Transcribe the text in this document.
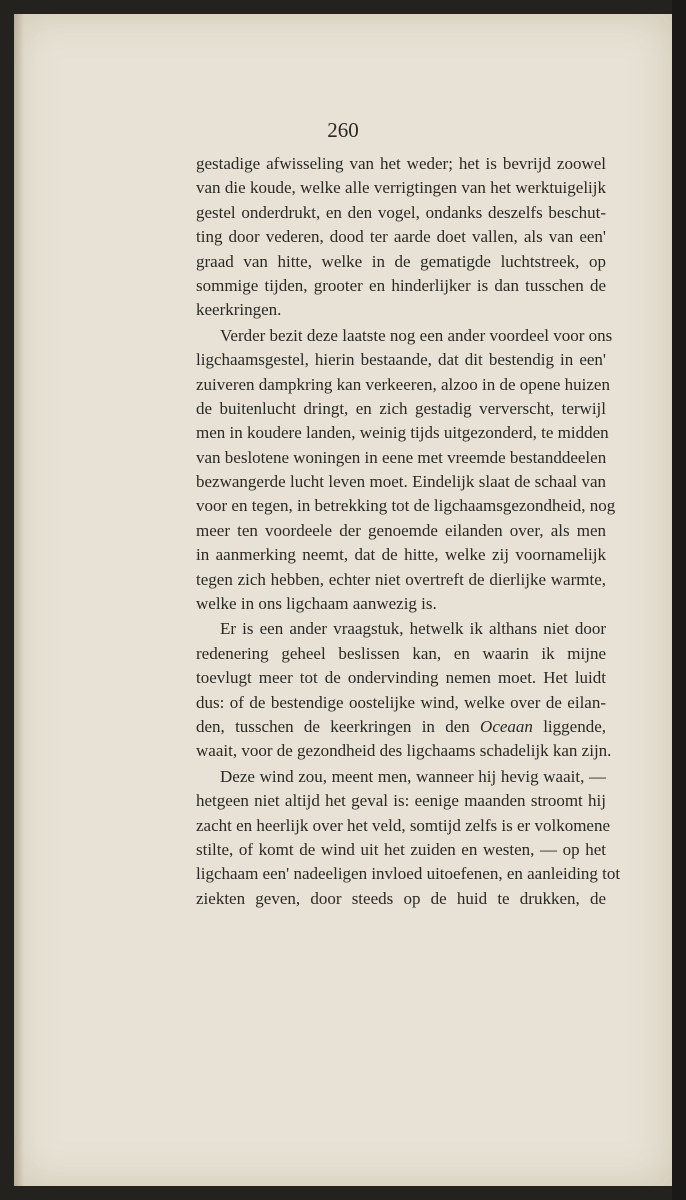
260
gestadige afwisseling van het weder; het is bevrijd zoowel
van die koude, welke alle verrigtingen van het werktuigelijk
gestel onderdrukt, en den vogel, ondanks deszelfs beschut-
ting door vederen, dood ter aarde doet vallen, als van een'
graad van hitte, welke in de gematigde luchtstreek, op
sommige tijden, grooter en hinderlijker is dan tusschen de
keerkringen.
Verder bezit deze laatste nog een ander voordeel voor ons
ligchaamsgestel, hierin bestaande, dat dit bestendig in een'
zuiveren dampkring kan verkeeren, alzoo in de opene huizen
de buitenlucht dringt, en zich gestadig ververscht, terwijl
men in koudere landen, weinig tijds uitgezonderd, te midden
van beslotene woningen in eene met vreemde bestanddeelen
bezwangerde lucht leven moet. Eindelijk slaat de schaal van
voor en tegen, in betrekking tot de ligchaamsgezondheid, nog
meer ten voordeele der genoemde eilanden over, als men
in aanmerking neemt, dat de hitte, welke zij voornamelijk
tegen zich hebben, echter niet overtreft de dierlijke warmte,
welke in ons ligchaam aanwezig is.
Er is een ander vraagstuk, hetwelk ik althans niet door
redenering geheel beslissen kan, en waarin ik mijne
toevlugt meer tot de ondervinding nemen moet. Het luidt
dus: of de bestendige oostelijke wind, welke over de eilan-
den, tusschen de keerkringen in den Oceaan liggende,
waait, voor de gezondheid des ligchaams schadelijk kan zijn.
Deze wind zou, meent men, wanneer hij hevig waait, —
hetgeen niet altijd het geval is: eenige maanden stroomt hij
zacht en heerlijk over het veld, somtijd zelfs is er volkomene
stilte, of komt de wind uit het zuiden en westen, — op het
ligchaam een' nadeeligen invloed uitoefenen, en aanleiding tot
ziekten geven, door steeds op de huid te drukken, de
